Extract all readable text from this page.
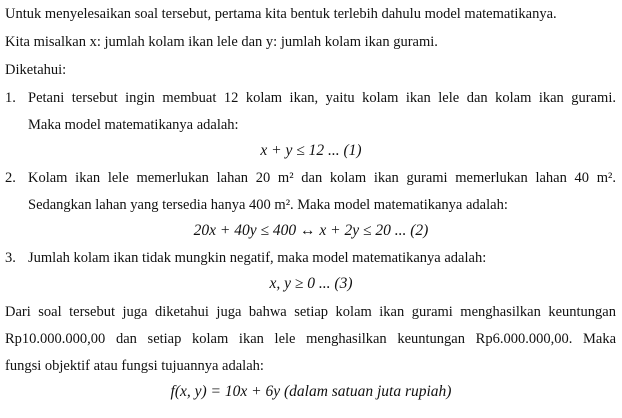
Untuk menyelesaikan soal tersebut, pertama kita bentuk terlebih dahulu model matematikanya.
Kita misalkan x: jumlah kolam ikan lele dan y: jumlah kolam ikan gurami.
Diketahui:
1. Petani tersebut ingin membuat 12 kolam ikan, yaitu kolam ikan lele dan kolam ikan gurami.
Maka model matematikanya adalah:
x + y ≤ 12 ... (1)
2. Kolam ikan lele memerlukan lahan 20 m² dan kolam ikan gurami memerlukan lahan 40 m².
Sedangkan lahan yang tersedia hanya 400 m². Maka model matematikanya adalah:
20x + 40y ≤ 400 ↔ x + 2y ≤ 20 ... (2)
3. Jumlah kolam ikan tidak mungkin negatif, maka model matematikanya adalah:
x, y ≥ 0 ... (3)
Dari soal tersebut juga diketahui juga bahwa setiap kolam ikan gurami menghasilkan keuntungan
Rp10.000.000,00 dan setiap kolam ikan lele menghasilkan keuntungan Rp6.000.000,00. Maka
fungsi objektif atau fungsi tujuannya adalah:
f(x, y) = 10x + 6y (dalam satuan juta rupiah)
